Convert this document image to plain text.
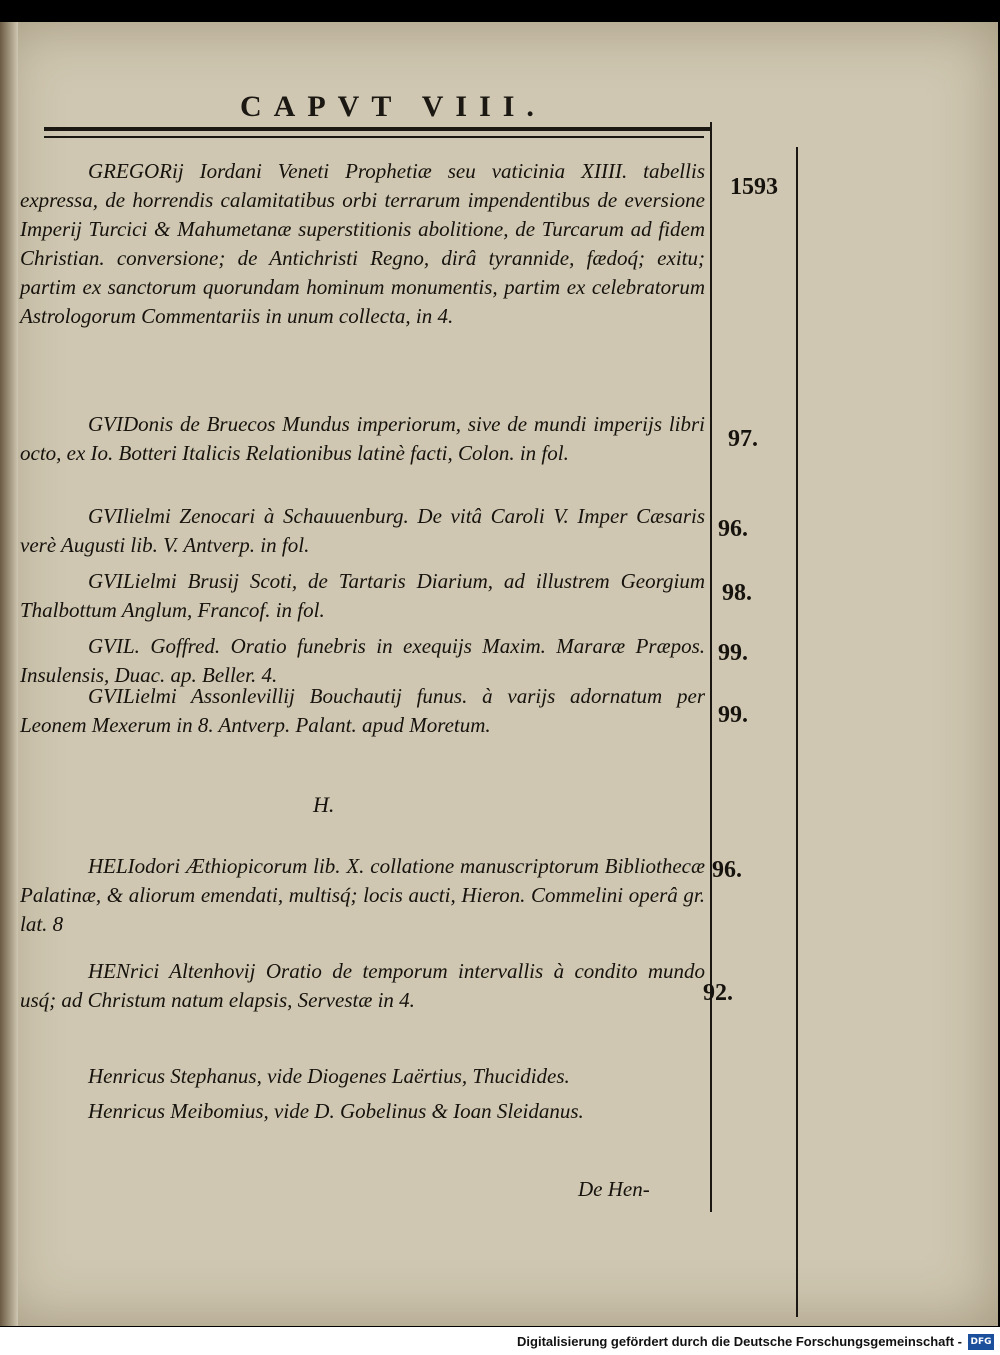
CAPVT VIII.
GREGORij Iordani Veneti Prophetiæ seu vaticinia XIIII. tabellis expressa, de horrendis calamitatibus orbi terrarum impendentibus de eversione Imperij Turcici & Mahumetanæ superstitionis abolitione, de Turcarum ad fidem Christian. conversione; de Antichristi Regno, dirâ tyrannide, fædoq́; exitu; partim ex sanctorum quorundam hominum monumentis, partim ex celebratorum Astrologorum Commentariis in unum collecta, in 4.
1593
GVIDonis de Bruecos Mundus imperiorum, sive de mundi imperijs libri octo, ex Io. Botteri Italicis Relationibus latinè facti, Colon. in fol.
97.
GVIlielmi Zenocari à Schauuenburg. De vitâ Caroli V. Imper Cæsaris verè Augusti lib. V. Antverp. in fol.
96.
GVILielmi Brusij Scoti, de Tartaris Diarium, ad illustrem Georgium Thalbottum Anglum, Francof. in fol.
98.
GVIL. Goffred. Oratio funebris in exequijs Maxim. Mararæ Præpos. Insulensis, Duac. ap. Beller. 4.
99.
GVILielmi Assonlevillij Bouchautij funus. à varijs adornatum per Leonem Mexerum in 8. Antverp. Palant. apud Moretum.	99.
H.
HELIodori Æthiopicorum lib. X. collatione manuscriptorum Bibliothecæ Palatinæ, & aliorum emendati, multisq́; locis aucti, Hieron. Commelini operâ gr. lat. 8
96.
HENrici Altenhovij Oratio de temporum intervallis à condito mundo usq́; ad Christum natum elapsis, Servestæ in 4.	92.
Henricus Stephanus, vide Diogenes Laërtius, Thucidides.
Henricus Meibomius, vide D. Gobelinus & Ioan Sleidanus.
De Hen-
Digitalisierung gefördert durch die Deutsche Forschungsgemeinschaft - DFG
